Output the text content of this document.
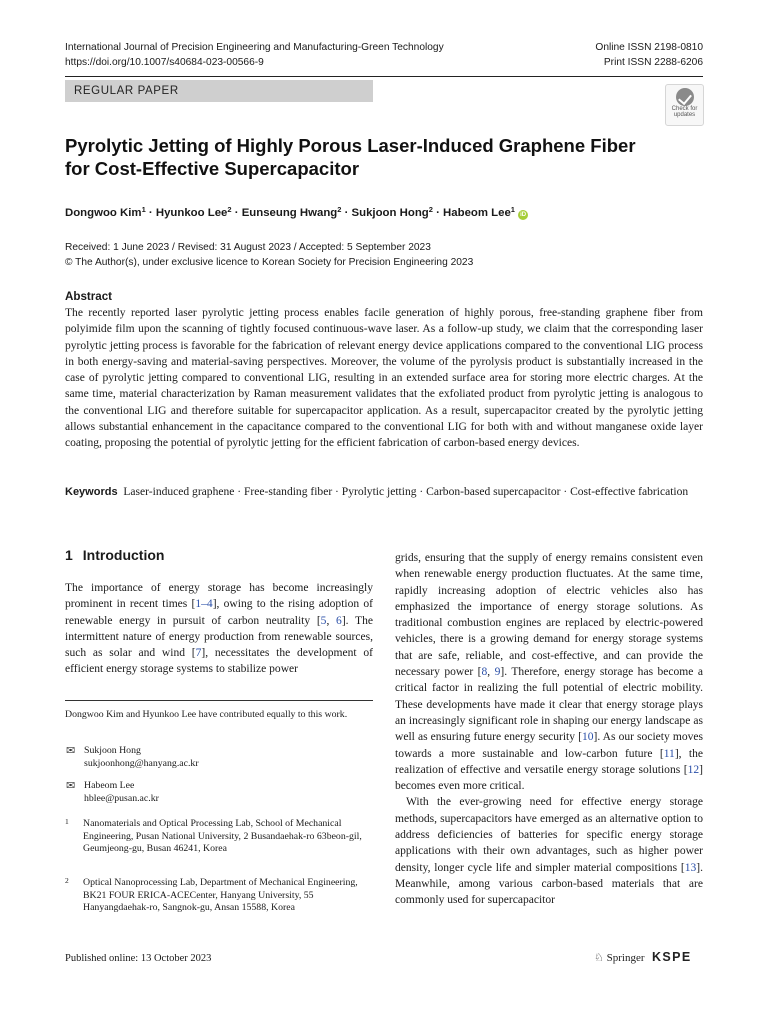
International Journal of Precision Engineering and Manufacturing-Green Technology
https://doi.org/10.1007/s40684-023-00566-9
Online ISSN 2198-0810
Print ISSN 2288-6206
REGULAR PAPER
Check for
updates
Pyrolytic Jetting of Highly Porous Laser-Induced Graphene Fiber
for Cost-Effective Supercapacitor
Dongwoo Kim$^1$ · Hyunkoo Lee$^2$ · Eunseung Hwang$^2$ · Sukjoon Hong$^2$ · Habeom Lee$^1$ iD
Received: 1 June 2023 / Revised: 31 August 2023 / Accepted: 5 September 2023
© The Author(s), under exclusive licence to Korean Society for Precision Engineering 2023
Abstract
The recently reported laser pyrolytic jetting process enables facile generation of highly porous, free-standing graphene fiber from polyimide film upon the scanning of tightly focused continuous-wave laser. As a follow-up study, we claim that the corresponding laser pyrolytic jetting process is favorable for the fabrication of relevant energy device applications compared to the conventional LIG process in both energy-saving and material-saving perspectives. Moreover, the volume of the pyrolysis product is substantially increased in the case of pyrolytic jetting compared to conventional LIG, resulting in an extended surface area for storing more electric charges. At the same time, material characterization by Raman measurement validates that the exfoliated product from pyrolytic jetting is analogous to the conventional LIG and therefore suitable for supercapacitor application. As a result, supercapacitor created by the pyrolytic jetting allows substantial enhancement in the capacitance compared to the conventional LIG for both with and without manganese oxide layer coating, proposing the potential of pyrolytic jetting for the efficient fabrication of carbon-based energy devices.
Keywords Laser-induced graphene · Free-standing fiber · Pyrolytic jetting · Carbon-based supercapacitor · Cost-effective fabrication
1 Introduction

The importance of energy storage has become increasingly prominent in recent times [1–4], owing to the rising adoption of renewable energy in pursuit of carbon neutrality [5, 6]. The intermittent nature of energy production from renewable sources, such as solar and wind [7], necessitates the development of efficient energy storage systems to stabilize power

Dongwoo Kim and Hyunkoo Lee have contributed equally to this work.
✉ Sukjoon Hong
sukjoonhong@hanyang.ac.kr
✉ Habeom Lee
hblee@pusan.ac.kr
1 Nanomaterials and Optical Processing Lab, School of Mechanical Engineering, Pusan National University, 2 Busandaehak-ro 63beon-gil, Geumjeong-gu, Busan 46241, Korea
2 Optical Nanoprocessing Lab, Department of Mechanical Engineering, BK21 FOUR ERICA-ACECenter, Hanyang University, 55 Hanyangdaehak-ro, Sangnok-gu, Ansan 15588, Korea

grids, ensuring that the supply of energy remains consistent even when renewable energy production fluctuates. At the same time, rapidly increasing adoption of electric vehicles also has emphasized the importance of energy storage solutions. As traditional combustion engines are replaced by electric-powered vehicles, there is a growing demand for energy storage systems that are safe, reliable, and cost-effective, and can provide the necessary power [8, 9]. Therefore, energy storage has become a critical factor in realizing the full potential of electric mobility. These developments have made it clear that energy storage plays an increasingly significant role in shaping our energy landscape as well as ensuring future energy security [10]. As our society moves towards a more sustainable and low-carbon future [11], the realization of effective and versatile energy storage solutions [12] becomes even more critical.

With the ever-growing need for effective energy storage methods, supercapacitors have emerged as an alternative option to address deficiencies of batteries for specific energy storage applications with their own advantages, such as higher power density, longer cycle life and simpler material compositions [13]. Meanwhile, among various carbon-based materials that are commonly used for supercapacitor

Published online: 13 October 2023	♘ Springer KSPE
